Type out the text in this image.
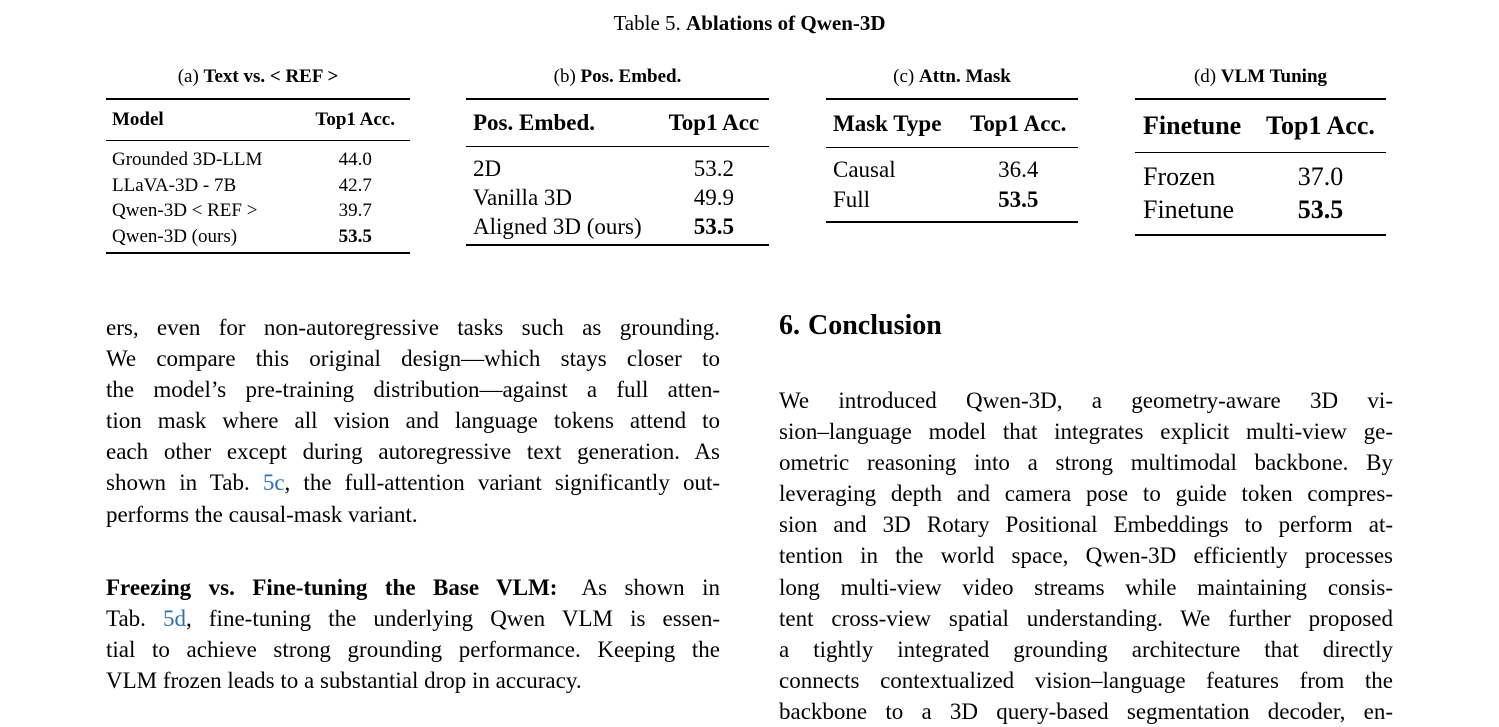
Table 5. Ablations of Qwen-3D
(a) Text vs. < REF >
Model	Top1 Acc.
Grounded 3D-LLM	44.0
LLaVA-3D - 7B	42.7
Qwen-3D < REF >	39.7
Qwen-3D (ours)	53.5
(b) Pos. Embed.
Pos. Embed.	Top1 Acc
2D	53.2
Vanilla 3D	49.9
Aligned 3D (ours)	53.5
(c) Attn. Mask
Mask Type	Top1 Acc.
Causal	36.4
Full	53.5
(d) VLM Tuning
Finetune	Top1 Acc.
Frozen	37.0
Finetune	53.5
ers, even for non-autoregressive tasks such as grounding.
We compare this original design—which stays closer to
the model’s pre-training distribution—against a full atten-
tion mask where all vision and language tokens attend to
each other except during autoregressive text generation. As
shown in Tab. 5c, the full-attention variant significantly out-
performs the causal-mask variant.
Freezing vs. Fine-tuning the Base VLM: As shown in
Tab. 5d, fine-tuning the underlying Qwen VLM is essen-
tial to achieve strong grounding performance. Keeping the
VLM frozen leads to a substantial drop in accuracy.
6. Conclusion
We introduced Qwen-3D, a geometry-aware 3D vi-
sion–language model that integrates explicit multi-view ge-
ometric reasoning into a strong multimodal backbone. By
leveraging depth and camera pose to guide token compres-
sion and 3D Rotary Positional Embeddings to perform at-
tention in the world space, Qwen-3D efficiently processes
long multi-view video streams while maintaining consis-
tent cross-view spatial understanding. We further proposed
a tightly integrated grounding architecture that directly
connects contextualized vision–language features from the
backbone to a 3D query-based segmentation decoder, en-
